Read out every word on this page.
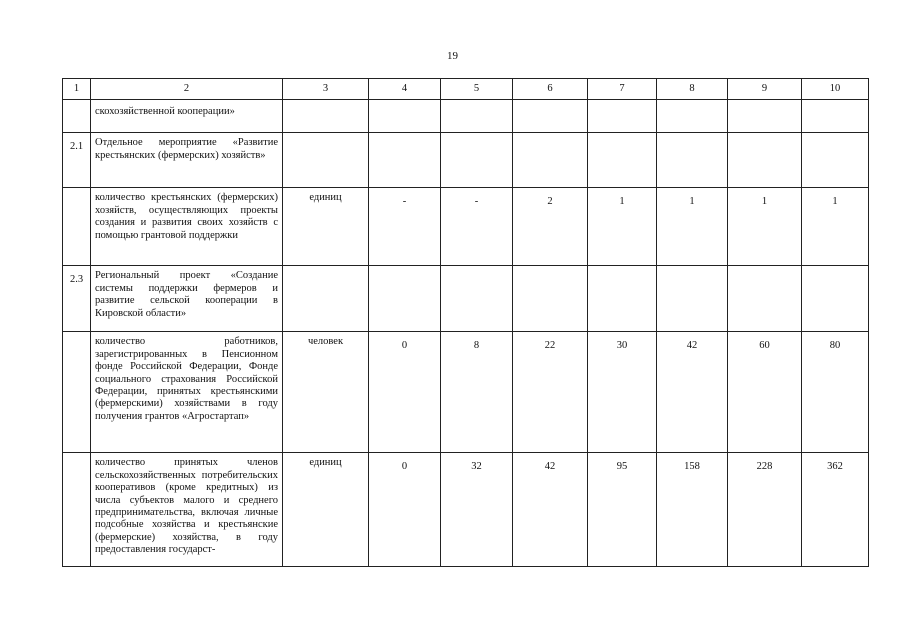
19
1	2	3	4	5	6	7	8	9	10
	скохозяйственной кооперации»								
2.1	Отдельное мероприятие «Развитие крестьянских (фермерских) хозяйств»								
	количество крестьянских (фермерских) хозяйств, осуществляющих проекты создания и развития своих хозяйств с помощью грантовой поддержки	единиц	-	-	2	1	1	1	1
2.3	Региональный проект «Создание системы поддержки фермеров и развитие сельской кооперации в Кировской области»								
	количество работников, зарегистрированных в Пенсионном фонде Российской Федерации, Фонде социального страхования Российской Федерации, принятых крестьянскими (фермерскими) хозяйствами в году получения грантов «Агростартап»	человек	0	8	22	30	42	60	80
	количество принятых членов сельскохозяйственных потребительских кооперативов (кроме кредитных) из числа субъектов малого и среднего предпринимательства, включая личные подсобные хозяйства и крестьянские (фермерские) хозяйства, в году предоставления государст-	единиц	0	32	42	95	158	228	362
